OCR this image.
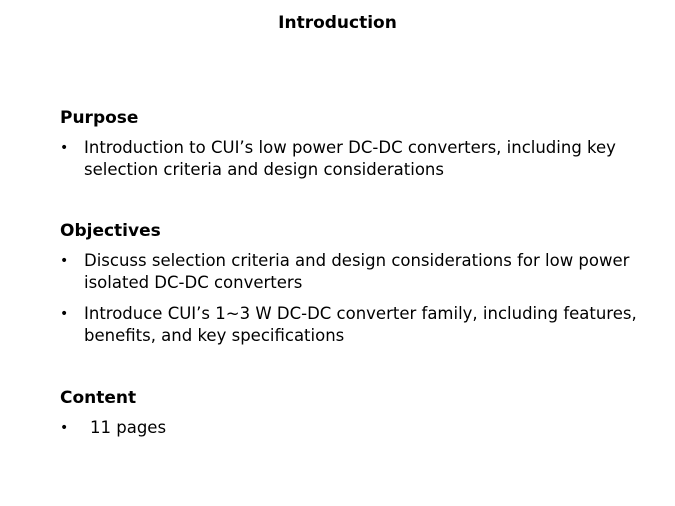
Introduction
Purpose
• Introduction to CUI’s low power DC-DC converters, including key selection criteria and design considerations
Objectives
• Discuss selection criteria and design considerations for low power isolated DC-DC converters
• Introduce CUI’s 1~3 W DC-DC converter family, including features, benefits, and key specifications
Content
•	11 pages
